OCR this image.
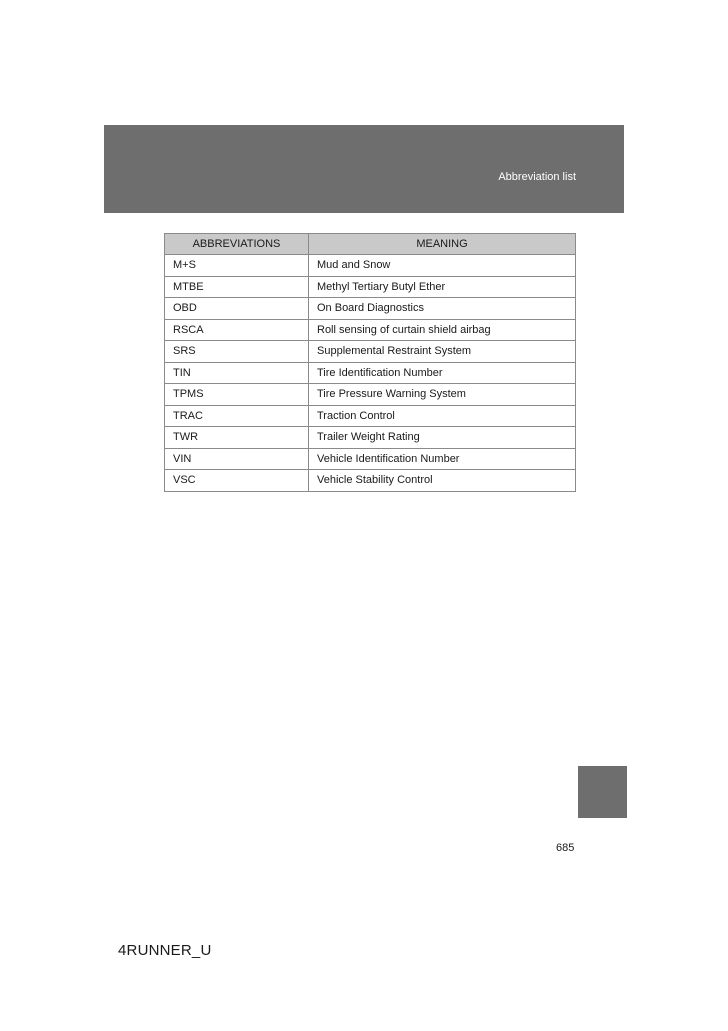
Abbreviation list
ABBREVIATIONS	MEANING
M+S	Mud and Snow
MTBE	Methyl Tertiary Butyl Ether
OBD	On Board Diagnostics
RSCA	Roll sensing of curtain shield airbag
SRS	Supplemental Restraint System
TIN	Tire Identification Number
TPMS	Tire Pressure Warning System
TRAC	Traction Control
TWR	Trailer Weight Rating
VIN	Vehicle Identification Number
VSC	Vehicle Stability Control
685
4RUNNER_U
